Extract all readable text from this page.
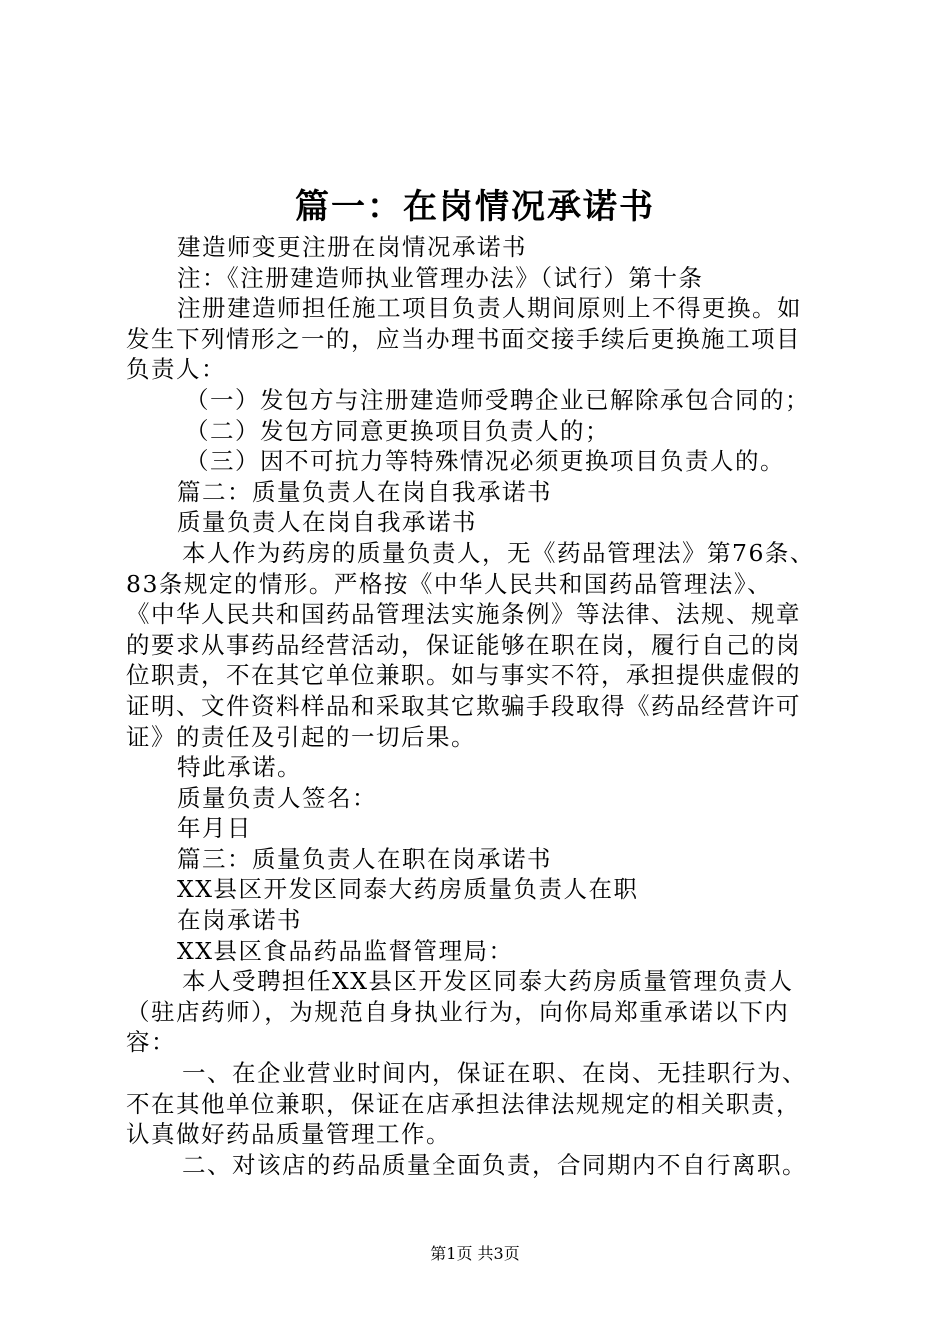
篇一：在岗情况承诺书
建造师变更注册在岗情况承诺书
注：《注册建造师执业管理办法》（试行）第十条
注册建造师担任施工项目负责人期间原则上不得更换。如
发生下列情形之一的，应当办理书面交接手续后更换施工项目
负责人：
（一）发包方与注册建造师受聘企业已解除承包合同的；
（二）发包方同意更换项目负责人的；
（三）因不可抗力等特殊情况必须更换项目负责人的。
篇二：质量负责人在岗自我承诺书
质量负责人在岗自我承诺书
本人作为药房的质量负责人，无《药品管理法》第76条、
83条规定的情形。严格按《中华人民共和国药品管理法》、
《中华人民共和国药品管理法实施条例》等法律、法规、规章
的要求从事药品经营活动，保证能够在职在岗，履行自己的岗
位职责，不在其它单位兼职。如与事实不符，承担提供虚假的
证明、文件资料样品和采取其它欺骗手段取得《药品经营许可
证》的责任及引起的一切后果。
特此承诺。
质量负责人签名：
年月日
篇三：质量负责人在职在岗承诺书
XX县区开发区同泰大药房质量负责人在职
在岗承诺书
XX县区食品药品监督管理局：
本人受聘担任XX县区开发区同泰大药房质量管理负责人
（驻店药师），为规范自身执业行为，向你局郑重承诺以下内
容：
一、在企业营业时间内，保证在职、在岗、无挂职行为、
不在其他单位兼职，保证在店承担法律法规规定的相关职责，
认真做好药品质量管理工作。
二、对该店的药品质量全面负责，合同期内不自行离职。
第1页 共3页
